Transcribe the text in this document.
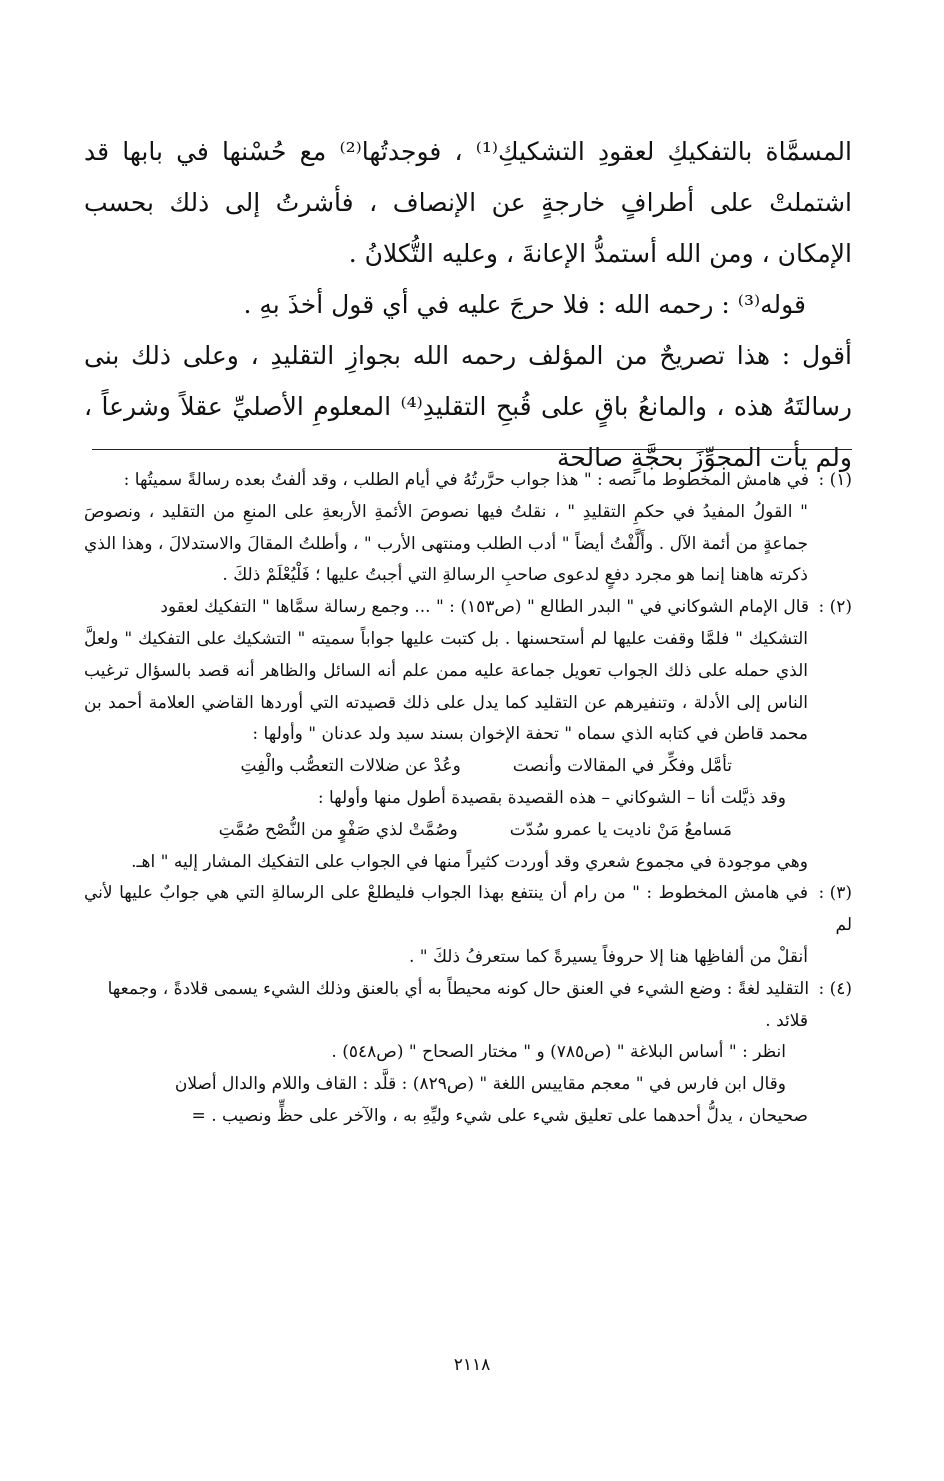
المسمَّاة بالتفكيكِ لعقودِ التشكيكِ⁽¹⁾ ، فوجدتُها⁽²⁾ مع حُسْنها في بابها قد اشتملتْ على أطرافٍ خارجةٍ عن الإنصاف ، فأشرتُ إلى ذلك بحسب الإمكان ، ومن الله أستمدُّ الإعانةَ ، وعليه التُّكلانُ .

قوله⁽³⁾ : رحمه الله : فلا حرجَ عليه في أي قول أخذَ بهِ .

أقول : هذا تصريحٌ من المؤلف رحمه الله بجوازِ التقليدِ ، وعلى ذلك بنى رسالتَهُ هذه ، والمانعُ باقٍ على قُبحِ التقليدِ⁽⁴⁾ المعلومِ الأصليِّ عقلاً وشرعاً ، ولم يأت المجوِّزَ بحجَّةٍ صالحة

(١) : في هامش المخطوط ما نصه : " هذا جواب حرَّرتُهُ في أيام الطلب ، وقد ألفتُ بعده رسالةً سميتُها :

" القولُ المفيدُ في حكمِ التقليدِ " ، نقلتُ فيها نصوصَ الأئمةِ الأربعةِ على المنعِ من التقليد ، ونصوصَ جماعةٍ من أئمة الآل . وأَلَّفْتُ أيضاً " أدب الطلب ومنتهى الأرب " ، وأطلتُ المقالَ والاستدلالَ ، وهذا الذي ذكرته هاهنا إنما هو مجرد دفعٍ لدعوى صاحبِ الرسالةِ التي أجبتُ عليها ؛ فَلْيُعْلَمْ ذلكَ .

(٢) : قال الإمام الشوكاني في " البدر الطالع " (ص١٥٣) : " ... وجمع رسالة سمَّاها " التفكيك لعقود

التشكيك " فلمَّا وقفت عليها لم أستحسنها . بل كتبت عليها جواباً سميته " التشكيك على التفكيك " ولعلَّ الذي حمله على ذلك الجواب تعويل جماعة عليه ممن علم أنه السائل والظاهر أنه قصد بالسؤال ترغيب الناس إلى الأدلة ، وتنفيرهم عن التقليد كما يدل على ذلك قصيدته التي أوردها القاضي العلامة أحمد بن محمد قاطن في كتابه الذي سماه " تحفة الإخوان بسند سيد ولد عدنان " وأولها :

تأمَّل وفكِّر في المقالات وأنصت
وعُدْ عن ضلالات التعصُّب والْفِتِ

وقد ذيَّلت أنا – الشوكاني – هذه القصيدة بقصيدة أطول منها وأولها :

مَسامعُ مَنْ ناديت يا عمرو سُدّت
وصُمَّتْ لذي صَفْوٍ من النُّصْح صُمَّتِ

وهي موجودة في مجموع شعري وقد أوردت كثيراً منها في الجواب على التفكيك المشار إليه " اهـ.

(٣) : في هامش المخطوط : " من رام أن ينتفع بهذا الجواب فليطلعْ على الرسالةِ التي هي جوابٌ عليها لأني لم

أنقلْ من ألفاظِها هنا إلا حروفاً يسيرةً كما ستعرفُ ذلكَ " .

(٤) : التقليد لغةً : وضع الشيء في العنق حال كونه محيطاً به أي بالعنق وذلك الشيء يسمى قلادةً ، وجمعها

قلائد .

انظر : " أساس البلاغة " (ص٧٨٥) و " مختار الصحاح " (ص٥٤٨) .

وقال ابن فارس في " معجم مقاييس اللغة " (ص٨٢٩) : قلَّد : القاف واللام والدال أصلان

صحيحان ، يدلُّ أحدهما على تعليق شيء على شيء وليِّهِ به ، والآخر على حظٍّ ونصيب . =

٢١١٨
